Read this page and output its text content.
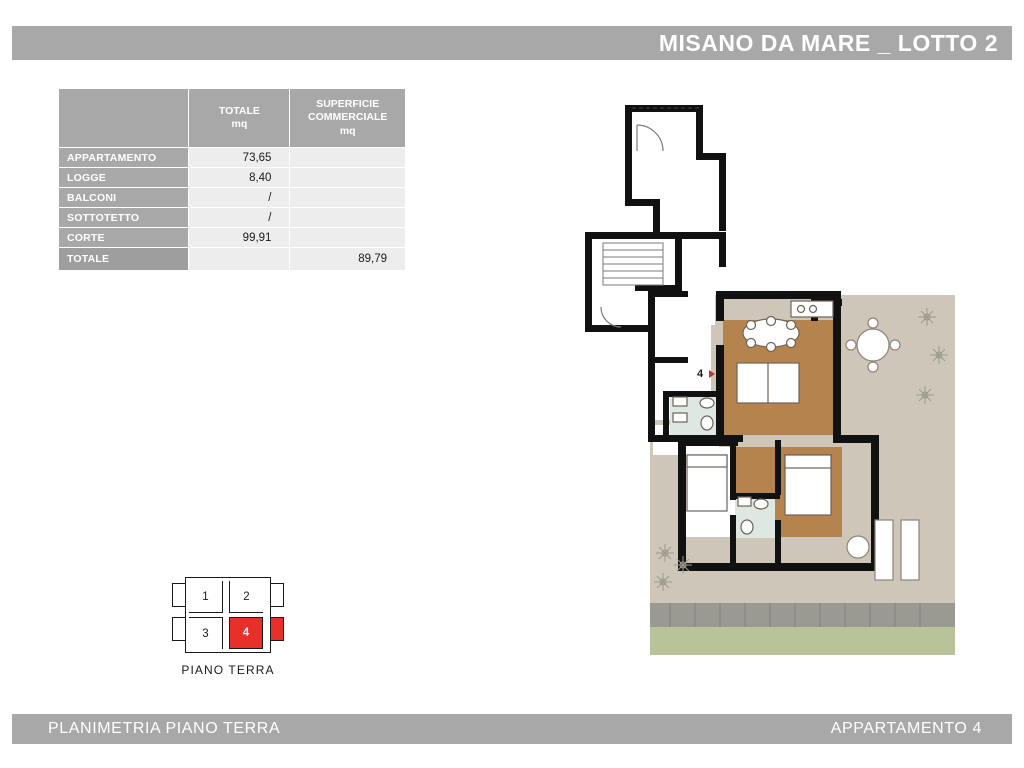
MISANO DA MARE _ LOTTO 2

TOTALE
mq

SUPERFICIE
COMMERCIALE
mq

APPARTAMENTO	73,65	
LOGGE	8,40	
BALCONI	/	
SOTTOTETTO	/	
CORTE	99,91	
TOTALE		89,79
1	2
3	4
PIANO TERRA
4
PLANIMETRIA PIANO TERRA	APPARTAMENTO 4
